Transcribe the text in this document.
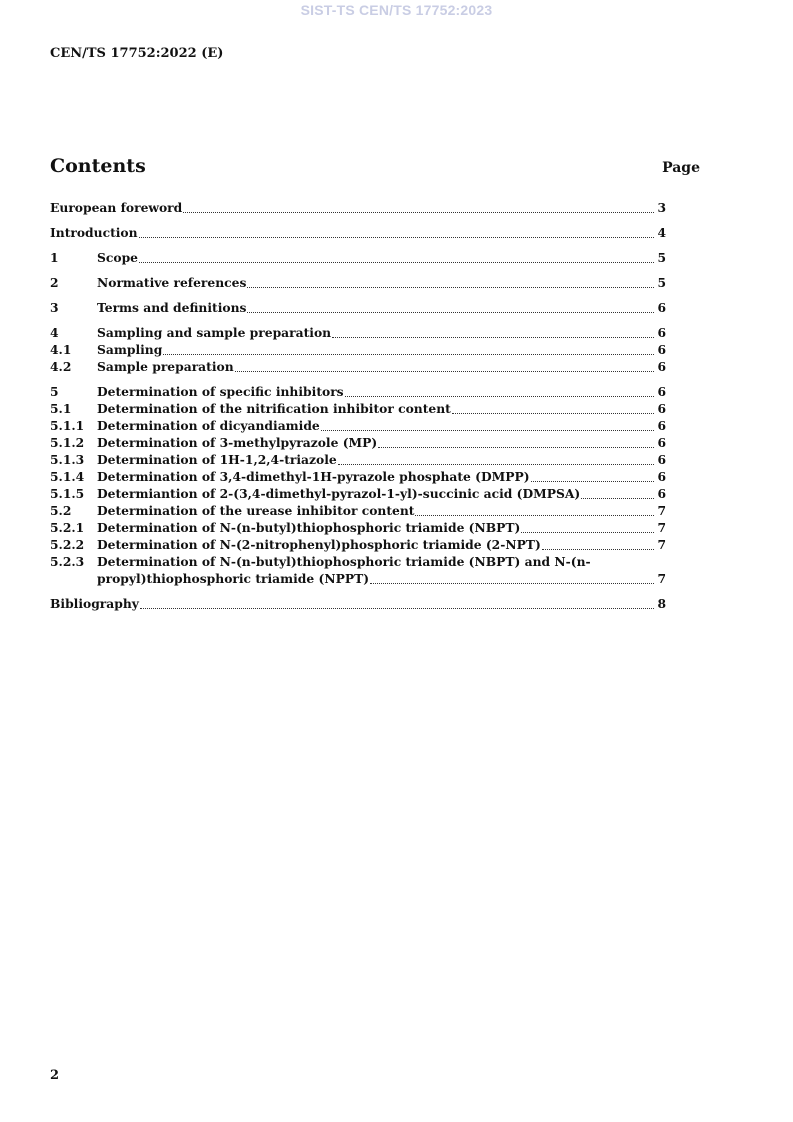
SIST-TS CEN/TS 17752:2023
CEN/TS 17752:2022 (E)
Contents	Page
European foreword	3
Introduction	4
1	Scope	5
2	Normative references	5
3	Terms and definitions	6
4	Sampling and sample preparation	6
4.1	Sampling	6
4.2	Sample preparation	6
5	Determination of specific inhibitors	6
5.1	Determination of the nitrification inhibitor content	6
5.1.1	Determination of dicyandiamide	6
5.1.2	Determination of 3-methylpyrazole (MP)	6
5.1.3	Determination of 1H-1,2,4-triazole	6
5.1.4	Determination of 3,4-dimethyl-1H-pyrazole phosphate (DMPP)	6
5.1.5	Determiantion of 2-(3,4-dimethyl-pyrazol-1-yl)-succinic acid (DMPSA)	6
5.2	Determination of the urease inhibitor content	7
5.2.1	Determination of N-(n-butyl)thiophosphoric triamide (NBPT)	7
5.2.2	Determination of N-(2-nitrophenyl)phosphoric triamide (2-NPT)	7
5.2.3	Determination of N-(n-butyl)thiophosphoric triamide (NBPT) and N-(n-
propyl)thiophosphoric triamide (NPPT)	7
Bibliography	8
2
